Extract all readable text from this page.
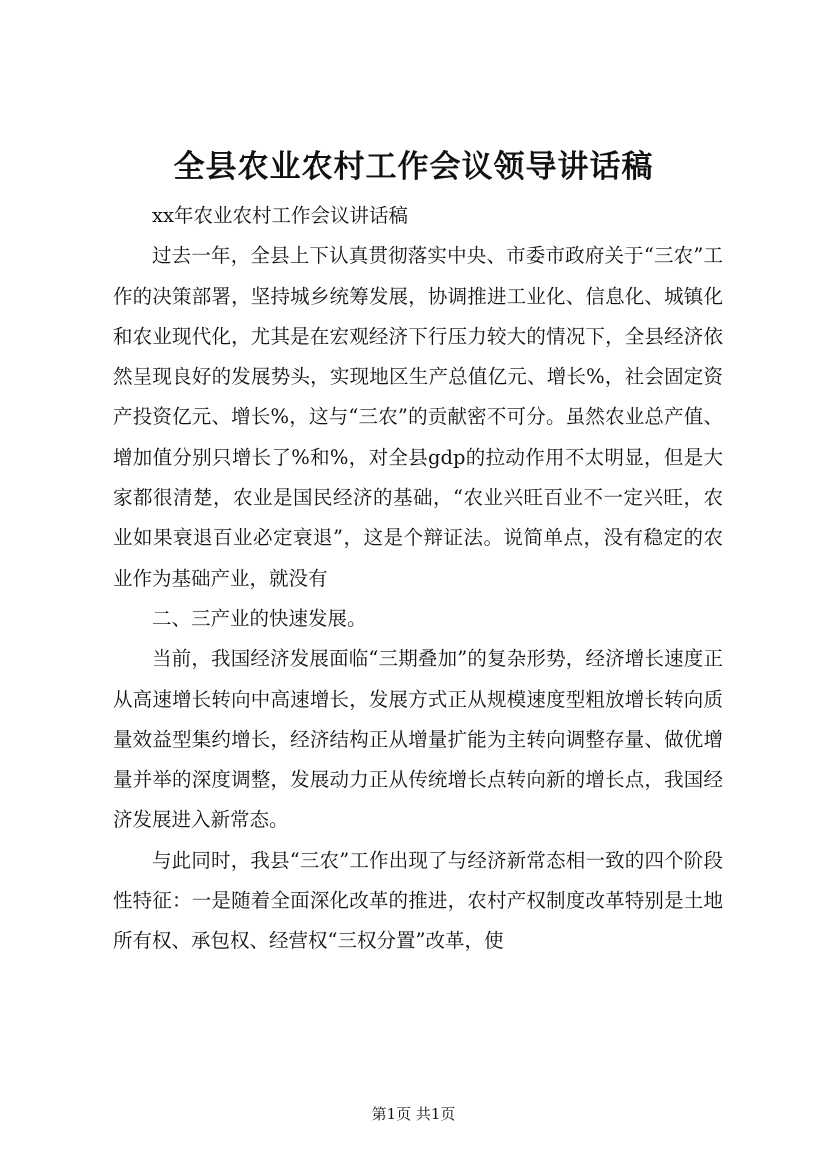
全县农业农村工作会议领导讲话稿

xx年农业农村工作会议讲话稿

过去一年，全县上下认真贯彻落实中央、市委市政府关于“三农”工作的决策部署，坚持城乡统筹发展，协调推进工业化、信息化、城镇化和农业现代化，尤其是在宏观经济下行压力较大的情况下，全县经济依然呈现良好的发展势头，实现地区生产总值亿元、增长%，社会固定资产投资亿元、增长%，这与“三农”的贡献密不可分。虽然农业总产值、增加值分别只增长了%和%，对全县gdp的拉动作用不太明显，但是大家都很清楚，农业是国民经济的基础，“农业兴旺百业不一定兴旺，农业如果衰退百业必定衰退”，这是个辩证法。说简单点，没有稳定的农业作为基础产业，就没有

二、三产业的快速发展。

当前，我国经济发展面临“三期叠加”的复杂形势，经济增长速度正从高速增长转向中高速增长，发展方式正从规模速度型粗放增长转向质量效益型集约增长，经济结构正从增量扩能为主转向调整存量、做优增量并举的深度调整，发展动力正从传统增长点转向新的增长点，我国经济发展进入新常态。

与此同时，我县“三农”工作出现了与经济新常态相一致的四个阶段性特征：一是随着全面深化改革的推进，农村产权制度改革特别是土地所有权、承包权、经营权“三权分置”改革，使

第1页 共1页
